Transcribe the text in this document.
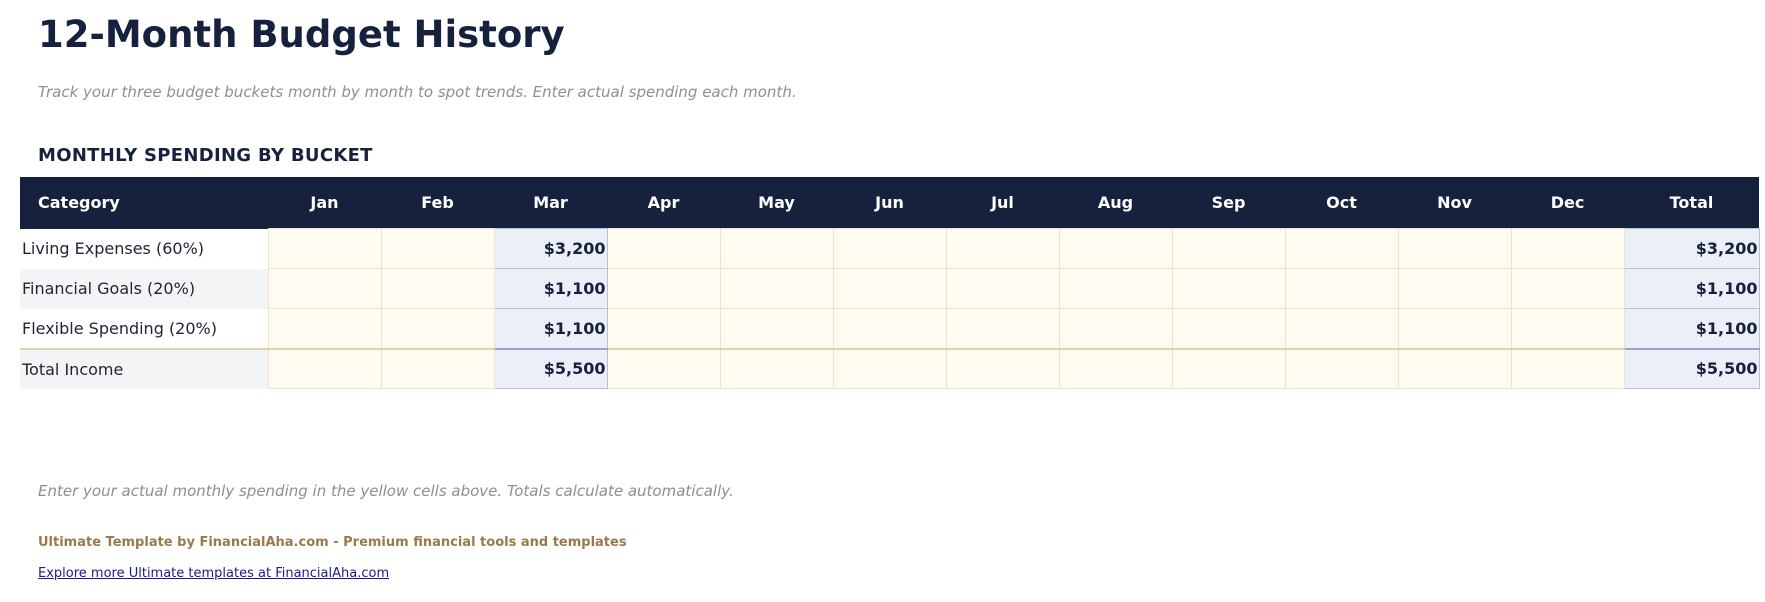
12-Month Budget History
Track your three budget buckets month by month to spot trends. Enter actual spending each month.
MONTHLY SPENDING BY BUCKET
Category	Jan	Feb	Mar	Apr	May	Jun	Jul	Aug	Sep	Oct	Nov	Dec	Total
Living Expenses (60%)			$3,200										$3,200
Financial Goals (20%)			$1,100										$1,100
Flexible Spending (20%)			$1,100										$1,100
Total Income			$5,500										$5,500
Enter your actual monthly spending in the yellow cells above. Totals calculate automatically.
Ultimate Template by FinancialAha.com - Premium financial tools and templates
Explore more Ultimate templates at FinancialAha.com
